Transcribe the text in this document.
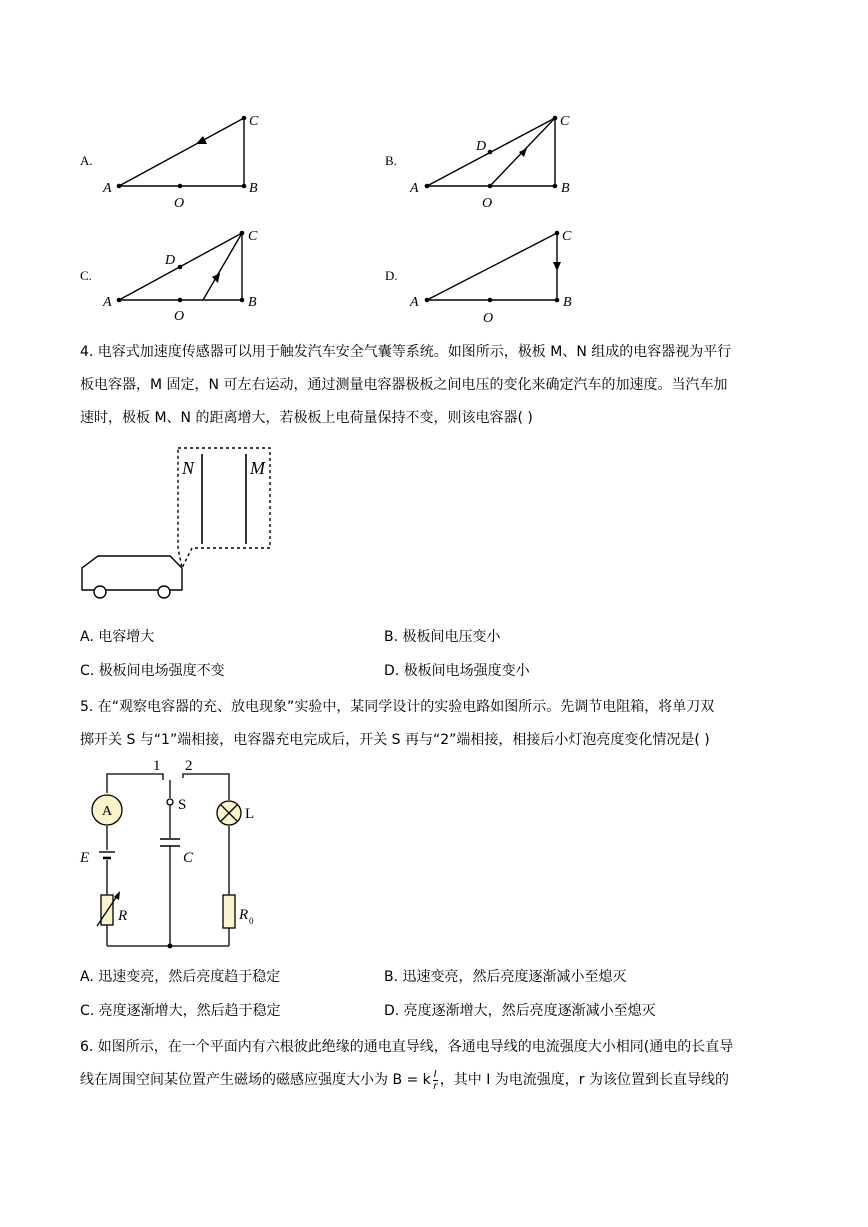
A.	B.
C.	D.
A
O
B
C
A
O
B
C
D
A
O
B
C
D
A
O
B
C
4. 电容式加速度传感器可以用于触发汽车安全气囊等系统。如图所示，极板 M、N 组成的电容器视为平行
板电容器，M 固定，N 可左右运动，通过测量电容器极板之间电压的变化来确定汽车的加速度。当汽车加
速时，极板 M、N 的距离增大，若极板上电荷量保持不变，则该电容器( )
N	M
A. 电容增大	B. 极板间电压变小
C. 极板间电场强度不变	D. 极板间电场强度变小
5. 在“观察电容器的充、放电现象”实验中，某同学设计的实验电路如图所示。先调节电阻箱，将单刀双
掷开关 S 与“1”端相接，电容器充电完成后，开关 S 再与“2”端相接，相接后小灯泡亮度变化情况是( )
A
1 2
S
L
E	C
R	R 0
A. 迅速变亮，然后亮度趋于稳定	B. 迅速变亮，然后亮度逐渐减小至熄灭
C. 亮度逐渐增大，然后趋于稳定	D. 亮度逐渐增大，然后亮度逐渐减小至熄灭
6. 如图所示，在一个平面内有六根彼此绝缘的通电直导线，各通电导线的电流强度大小相同(通电的长直导
线在周围空间某位置产生磁场的磁感应强度大小为 B = k $\frac{I}{r}$ ，其中 I 为电流强度，r 为该位置到长直导线的
